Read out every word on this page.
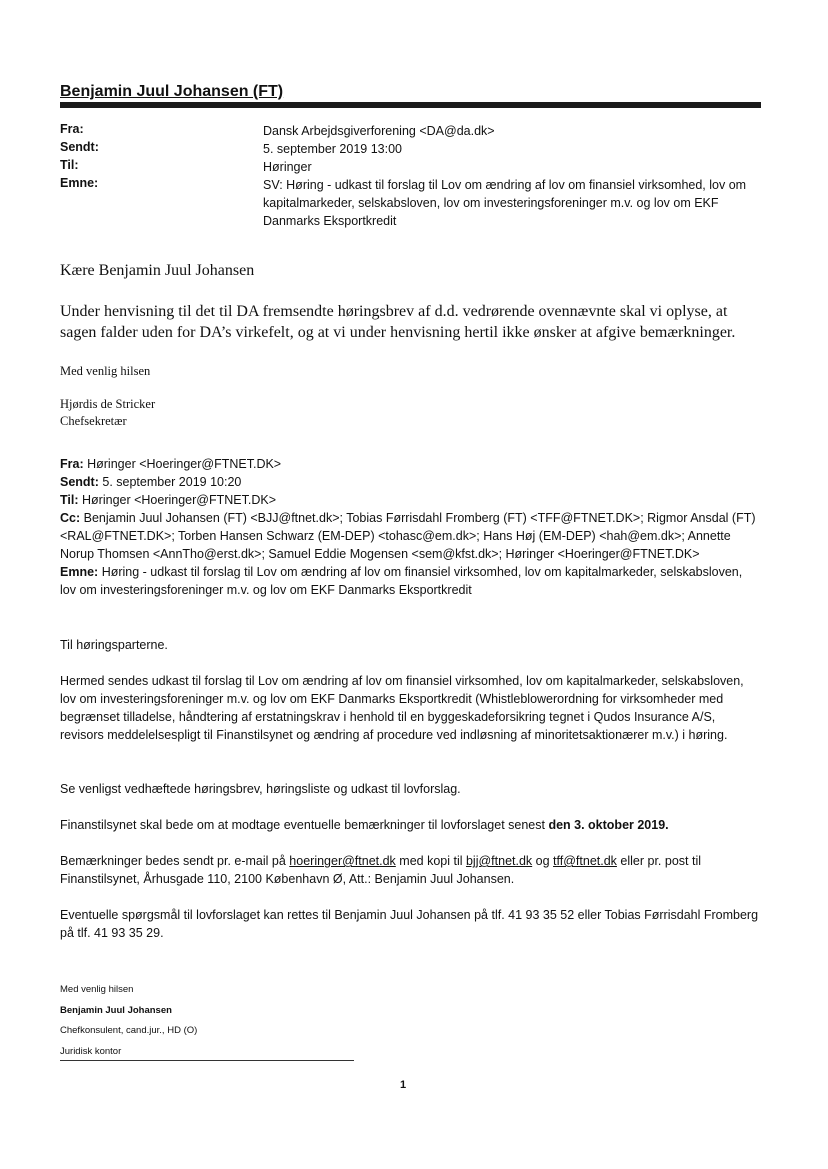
Benjamin Juul Johansen (FT)
Fra:	Dansk Arbejdsgiverforening <DA@da.dk>
Sendt:	5. september 2019 13:00
Til:	Høringer
Emne:	SV: Høring - udkast til forslag til Lov om ændring af lov om finansiel virksomhed, lov om kapitalmarkeder, selskabsloven, lov om investeringsforeninger m.v. og lov om EKF Danmarks Eksportkredit
Kære Benjamin Juul Johansen
Under henvisning til det til DA fremsendte høringsbrev af d.d. vedrørende ovennævnte skal vi oplyse, at sagen falder uden for DA’s virkefelt, og at vi under henvisning hertil ikke ønsker at afgive bemærkninger.
Med venlig hilsen
Hjørdis de Stricker
Chefsekretær
Fra: Høringer <Hoeringer@FTNET.DK>
Sendt: 5. september 2019 10:20
Til: Høringer <Hoeringer@FTNET.DK>
Cc: Benjamin Juul Johansen (FT) <BJJ@ftnet.dk>; Tobias Førrisdahl Fromberg (FT) <TFF@FTNET.DK>; Rigmor Ansdal (FT) <RAL@FTNET.DK>; Torben Hansen Schwarz (EM-DEP) <tohasc@em.dk>; Hans Høj (EM-DEP) <hah@em.dk>; Annette Norup Thomsen <AnnTho@erst.dk>; Samuel Eddie Mogensen <sem@kfst.dk>; Høringer <Hoeringer@FTNET.DK>
Emne: Høring - udkast til forslag til Lov om ændring af lov om finansiel virksomhed, lov om kapitalmarkeder, selskabsloven, lov om investeringsforeninger m.v. og lov om EKF Danmarks Eksportkredit
Til høringsparterne.
Hermed sendes udkast til forslag til Lov om ændring af lov om finansiel virksomhed, lov om kapitalmarkeder, selskabsloven, lov om investeringsforeninger m.v. og lov om EKF Danmarks Eksportkredit (Whistleblowerordning for virksomheder med begrænset tilladelse, håndtering af erstatningskrav i henhold til en byggeskadeforsikring tegnet i Qudos Insurance A/S, revisors meddelelsespligt til Finanstilsynet og ændring af procedure ved indløsning af minoritetsaktionærer m.v.) i høring.
Se venligst vedhæftede høringsbrev, høringsliste og udkast til lovforslag.
Finanstilsynet skal bede om at modtage eventuelle bemærkninger til lovforslaget senest den 3. oktober 2019.
Bemærkninger bedes sendt pr. e-mail på hoeringer@ftnet.dk med kopi til bjj@ftnet.dk og tff@ftnet.dk eller pr. post til Finanstilsynet, Århusgade 110, 2100 København Ø, Att.: Benjamin Juul Johansen.
Eventuelle spørgsmål til lovforslaget kan rettes til Benjamin Juul Johansen på tlf. 41 93 35 52 eller Tobias Førrisdahl Fromberg på tlf. 41 93 35 29.
Med venlig hilsen
Benjamin Juul Johansen
Chefkonsulent, cand.jur., HD (O)
Juridisk kontor
1
